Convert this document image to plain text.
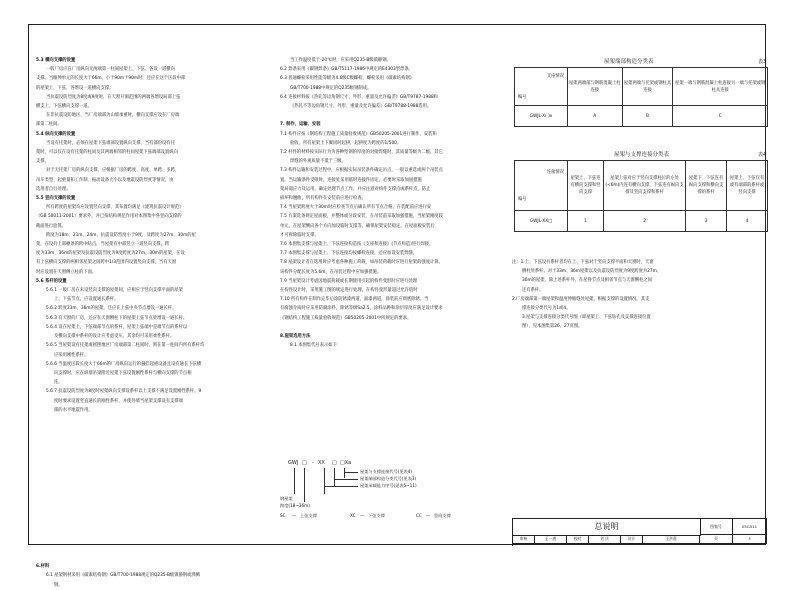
5.3 横向支撑的设置

一般厂房应在厂房纵向无两端第一柱间屋架上、下弦、各设一道横向

支撑。当缩伸单元的长度大于66m、小于90m于90m时，还应在这个区段中部

的屋架上、下弦，各增设一道横向支撑。

当抗震设防烈度为8度或9度时，在天窗开洞范围的两端各增设局部上弦

横支上、下弦横向支撑一道。

在非抗震设防地区，当厂房端部为山墙承重时，横向支撑应设在厂房端

部第二柱间。

5.4 纵向支撑的设置

当设有托架时，必须在屋架下弦端部设置纵向支撑，当有部份设有托

架时，可以仅在设有托架的柱间及其两端相邻的柱间屋架下弦端部设置纵向

支撑。

对于无托架厂房的纵向支撑，应根据厂房的跨度、高度、单跨、多跨、

吊车类型、起重量和工作制、振动设备大小以及地震设防烈度等情况，由

选用者自行处理。

5.5 竖向支撑的设置

所有跨度的屋架均应设置竖向支撑，其布置均满足《建筑抗震设计规范》

（GB 50011-2001）要求外，并已按结构规范作用对本图集中各竖向支撑的

截面进行验算。

跨度为18m、21m、24m，抗震设防烈度小于9度，及跨度为27m、30m的屋

架，在设有上部檩条的跨中结点，当屋架有中部竖立一道竖向支撑，跨

度为33m、36m的屋架及抗震设防烈度为9度跨度为27m、30m的屋架，在设

有上弦横向支撑的两相邻屋架之间跨中1/3范围内设置竖向支撑，当有天窗

时应设置在天窗侧立柱的下面。

5.6 系杆的设置

5.6.1 一般厂房在未设竖向支撑的屋架间，应相应于竖向支撑平面的屋架

上、下弦节点，应设置通长系杆。

5.6.2 跨度33m、36m的屋架，还应在上弦中央节点增设一通长杆。

5.6.3 有天窗的厂房，还应在天窗侧柱下的屋架上弦节点处增设一通长杆。

5.6.4 设在屋架上、下弦端部节点的系杆，屋架上弦端中是端节点的系杆以

及横向支撑中系杆的设计应考虑受压，其余均可采用柔性系杆。

5.6.5 当屋架设有托架或摇摆地区厂房端部第二柱间时，则在第一柱间内所有系杆均

应采用刚性系杆。

5.6.6 当温度区段长度大于66m的厂房纵向运行的悬挂起重设备且设有通长下弦横

向支撑时，应在纵墙吊梁附近屋架下弦设置刚性系杆与横向支撑的节点相

连。

5.6.7 抗震设防烈度为8度时屋架纵向支撑设系杆以上支撑不满足设置刚性系杆，9

度时要求设置竖直通长的刚性系杆，并使外墙当屋架支撑设有支撑端

部的水平地震作用。

6.材料

6.1 屋架钢材采用《碳素结构钢》GB/T700-1988规定的Q235-B级镇静钢或沸腾

钢。

当工作温度低于-20℃时，应采用Q235-B级镇静钢。

6.2 焊条采用《碳钢焊条》GB/T5117-1986中规定的E4303型焊条。

6.3 普通螺栓采用性能等级为4.6级C级螺栓，螺栓采用《碳素结构钢》

GB/T700-1988中规定的Q235级钢制成。

6.4 连接材料按《热轧等边角钢尺寸、外形、重量及允许偏差》GB/T9787-1988和

《热轧不等边角钢尺寸、外形、重量及允许偏差》GB/T9788-1988选用。

7. 制作、运输、安装

7.1 构件应按《钢结构工程施工质量验收规范》GB50205-2001进行制作、安装和

验收，所有屋架上下翼同时起拱，起拱度为跨度的1/500。

7.2 杆件的材料按实际行为为各种型钢的厚度的对接焊缝时，其质量等级为二级，其它

焊缝的外观质量不低于三级。

7.3 构件运输和安装过程中，应根据实际吊装条件确定吊点，一般以重选或两个吊装点

置。当运输条件受限时，连接处采用临时连接件固定，必要时采取加固措施

架局部应力及运用，确定处理节点工作，并应注意对构件支撑点或系杆点，防止

损坏和翘曲，所有构件在安装前应进行检查。

7.4 当屋架跨度大于30m时应检查节点后确认所有节点合格，在装配前应进行安

7.5 方案选条规定屋面板，并整体或分段安装，在吊装前采取加强措施，当屋架刚度较

单元，在屋架侧向各个方向加设临时支撑等，确保屋架安装稳定，在屋面板安装后

才可拆除临时支撑。

7.6 本图集支撑与屋架上、下弦连接构造按《支座和连接》(节点构造)进行焊接。

7.7 本图集支撑与屋架上、下弦连接均按螺栓连接，还应加设安装焊缝。

7.8 屋架设计者在选用时应考虑各种施工荷载，如吊装荷载时应进行屋架的强度计算。

该构件分配长度为5.6m，在吊装过程中应加强措施。

7.9 当屋架设计考虑因地震荷载或长期使用引起的构件变形时应进行处理

在构件设计时，采用施工图的规定进行处理，在构件变形量超过允许值时

7.10 所有构件在制作完毕后涂防锈漆两道，面漆两道，涂装前应彻底除锈；当

有腐蚀介质时应采用防腐涂料，除锈等级Sa2.5，涂料品种和涂层厚度应满足设计要求

《钢结构工程施工质量验收规范》GB50205-2001中所规定的要求。

8.屋架选用方法

8.1 本图集代号表示如下：

屋架端部构造分类表	表3
支座情况
编号	屋架两端部与钢筋混凝土柱连接	屋架两端与托架或钢柱具连接	屋架一端与钢筋混凝土柱连接另一端与托架或钢柱具连接
GWJL-X( )x	A	B	C
屋架与支撑连接分类表	表4
连接情况
编号	屋架上、下弦连有横向支撑和竖向支撑	屋架上弦对应于竖向支撑柱位的左处(<6m)内连有横向支撑，下弦连有纵向支撑及竖向支撑和系杆	屋架下、下弦连有纵向支撑和横向支撑的系杆	屋架上、下弦仅有或有端部的系杆或竖向支撑
GWJL-XX□	1	2	3	4

注：1.上、下弦设有系杆者均在上、下弦对于竖向支撑平面和天窗时，天窗

侧柱处系杆。对于33m、36m屋架以及抗震设防烈度为9度跨度为27m、

30m的屋架，除上述系杆外，在屋脊节点及相邻节点与天窗侧柱之间

还有系杆。

2.厂房端部第一端屋架和温度伸缩缝处屋架，根据支撑的设置情况，其支

撑连接分类代号为1或4。

3.屋架与支撑连接分类代号图（即屋架上、下弦钻孔及支撑连接位置

图），见本图集第26、27页图。

GWJ □ - XX □ □Xa
屋架与支撑连接代号(见表4)
屋架端部构造分类代号(见表3)
屋架承载能力序号(见表5~11)
钢屋架
跨度(18~36m)
SC — 上弦支撑	XC — 下弦支撑	CC — 竖向支撑
总说明	图集号	05G511
审核	王一唐	校对	刘 庆	设计	王洪嘉	页	3
